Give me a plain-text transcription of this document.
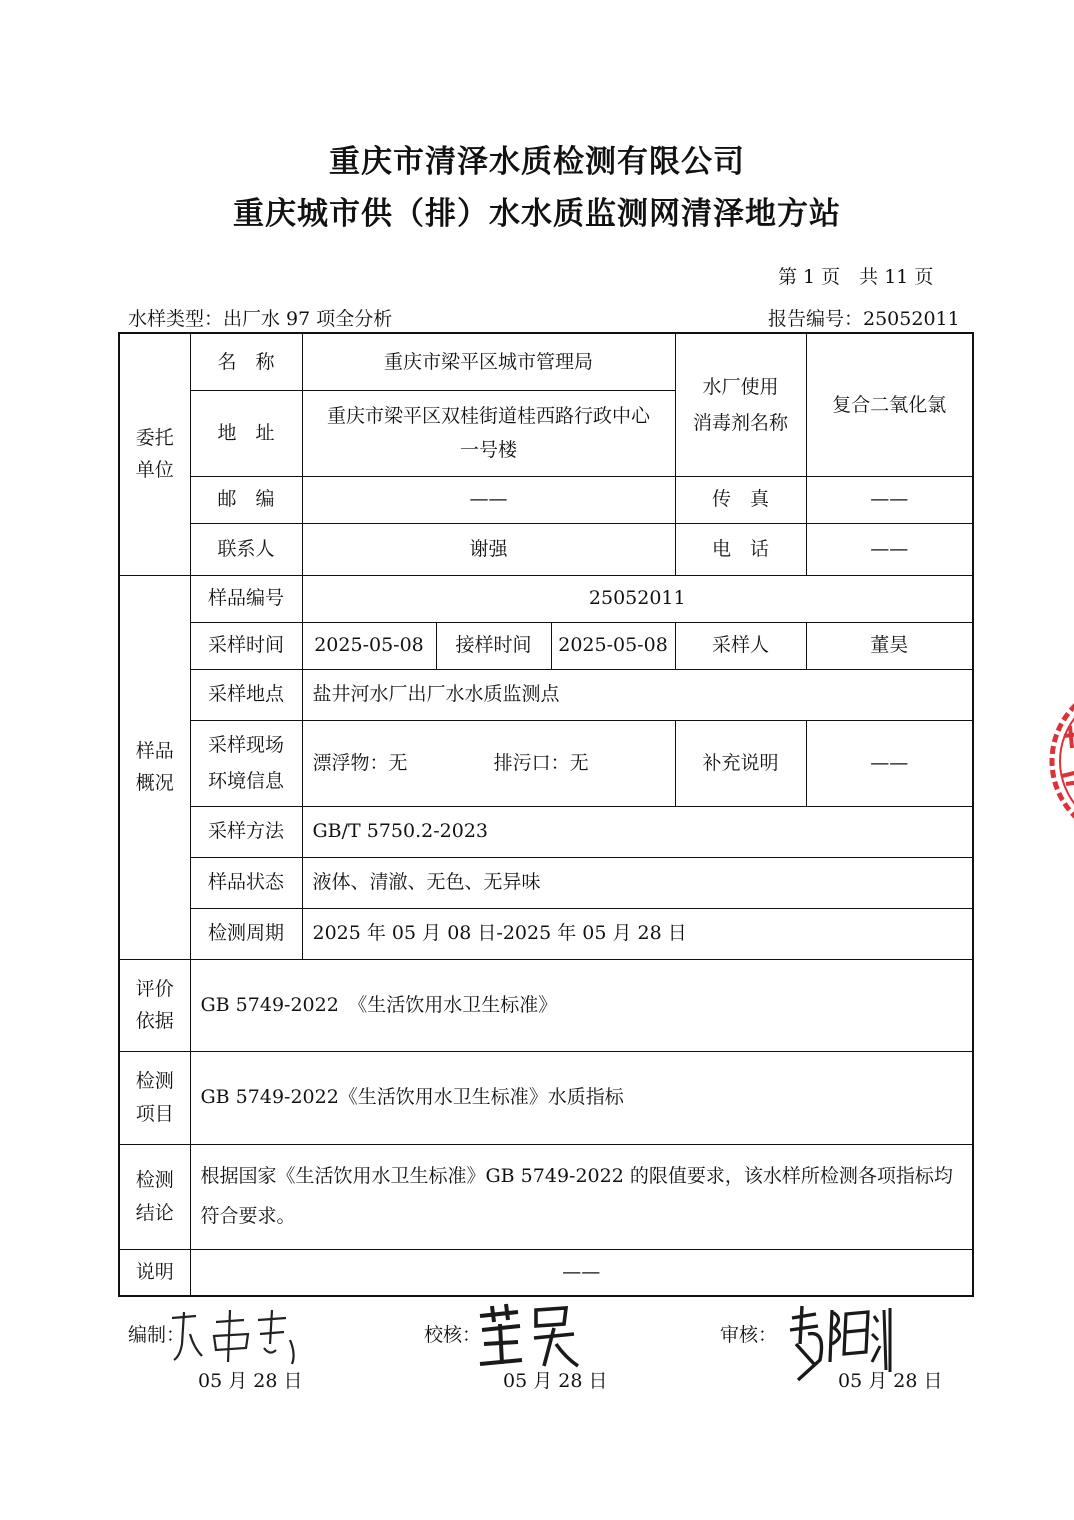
重庆市清泽水质检测有限公司
重庆城市供（排）水水质监测网清泽地方站
第 1 页　共 11 页
水样类型：出厂水 97 项全分析	报告编号：25052011
委托
单位	名　称	重庆市梁平区城市管理局			水厂使用
消毒剂名称	复合二氧化氯
	地　址	重庆市梁平区双桂街道桂西路行政中心
一号楼				
	邮　编	——			传　真	——
	联系人	谢强			电　话	——
样品
概况	样品编号	25052011				
	采样时间	2025-05-08	接样时间	2025-05-08	采样人	董昊
	采样地点	盐井河水厂出厂水水质监测点				
	采样现场
环境信息	漂浮物：无 排污口：无			补充说明	——
	采样方法	GB/T 5750.2-2023				
	样品状态	液体、清澈、无色、无异味				
	检测周期	2025 年 05 月 08 日-2025 年 05 月 28 日				
评价
依据	GB 5749-2022　《生活饮用水卫生标准》					
检测
项目	GB 5749-2022《生活饮用水卫生标准》水质指标					
检测
结论	根据国家《生活饮用水卫生标准》GB 5749-2022 的限值要求，该水样所检测各项指标均符合要求。					
说明	——					
编制：
05 月 28 日
校核：
05 月 28 日
审核：
05 月 28 日
